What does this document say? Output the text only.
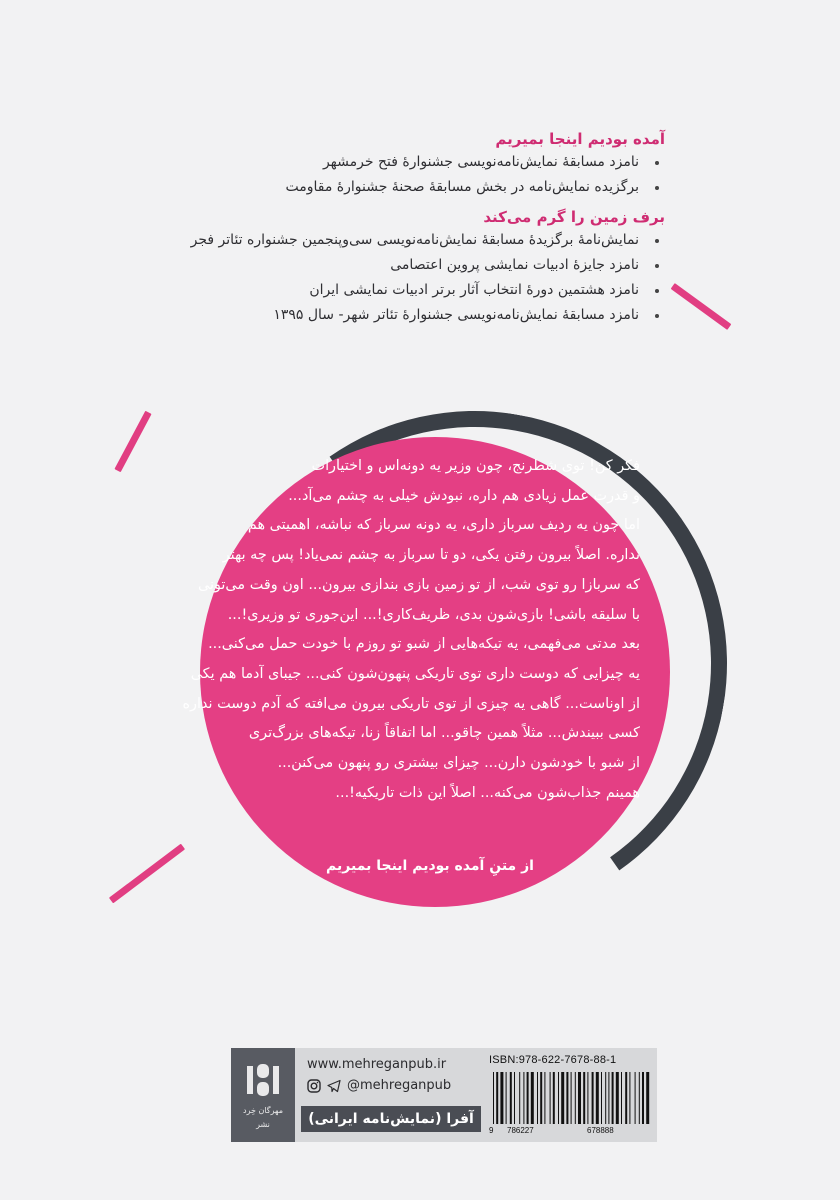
آمده بودیم اینجا بمیریم
نامزد مسابقهٔ نمایش‌نامه‌نویسی جشنوارهٔ فتح خرمشهر
برگزیده نمایش‌نامه در بخش مسابقهٔ صحنهٔ جشنوارهٔ مقاومت
برف زمین را گرم می‌کند
نمایش‌نامهٔ برگزیدهٔ مسابقهٔ نمایش‌نامه‌نویسی سی‌وپنجمین جشنواره تئاتر فجر
نامزد جایزهٔ ادبیات نمایشی پروین اعتصامی
نامزد هشتمین دورهٔ انتخاب آثار برتر ادبیات نمایشی ایران
نامزد مسابقهٔ نمایش‌نامه‌نویسی جشنوارهٔ تئاتر شهر- سال ۱۳۹۵
فکر کن! توی شطرنج، چون وزیر یه دونه‌اس و اختیارات
و قدرت عمل زیادی هم داره، نبودش خیلی به چشم می‌آد...
اما چون یه ردیف سرباز داری، یه دونه سرباز که نباشه، اهمیتی هم
نداره. اصلاً بیرون رفتن یکی، دو تا سرباز به چشم نمی‌یاد! پس چه بهتر
که سربازا رو توی شب، از تو زمین بازی بندازی بیرون... اون وقت می‌تونی
با سلیقه باشی! بازی‌شون بدی، ظریف‌کاری!... این‌جوری تو وزیری!...
بعد مدتی می‌فهمی، یه تیکه‌هایی از شبو تو روزم با خودت حمل می‌کنی...
یه چیزایی که دوست داری توی تاریکی پنهون‌شون کنی... جیبای آدما هم یکی
از اوناست... گاهی یه چیزی از توی تاریکی بیرون می‌افته که آدم دوست نداره
کسی ببیندش... مثلاً همین چاقو... اما اتفاقاً زنا، تیکه‌های بزرگ‌تری
از شبو با خودشون دارن... چیزای بیشتری رو پنهون می‌کنن...
همینم جذاب‌شون می‌کنه... اصلاً این ذات تاریکیه!...
از متنِ آمده بودیم اینجا بمیریم
مهرگان خِرد
نشر
www.mehreganpub.ir
@mehreganpub
آفرا (نمایش‌نامه ایرانی)
ISBN:978-622-7678-88-1
9 786227	678888
